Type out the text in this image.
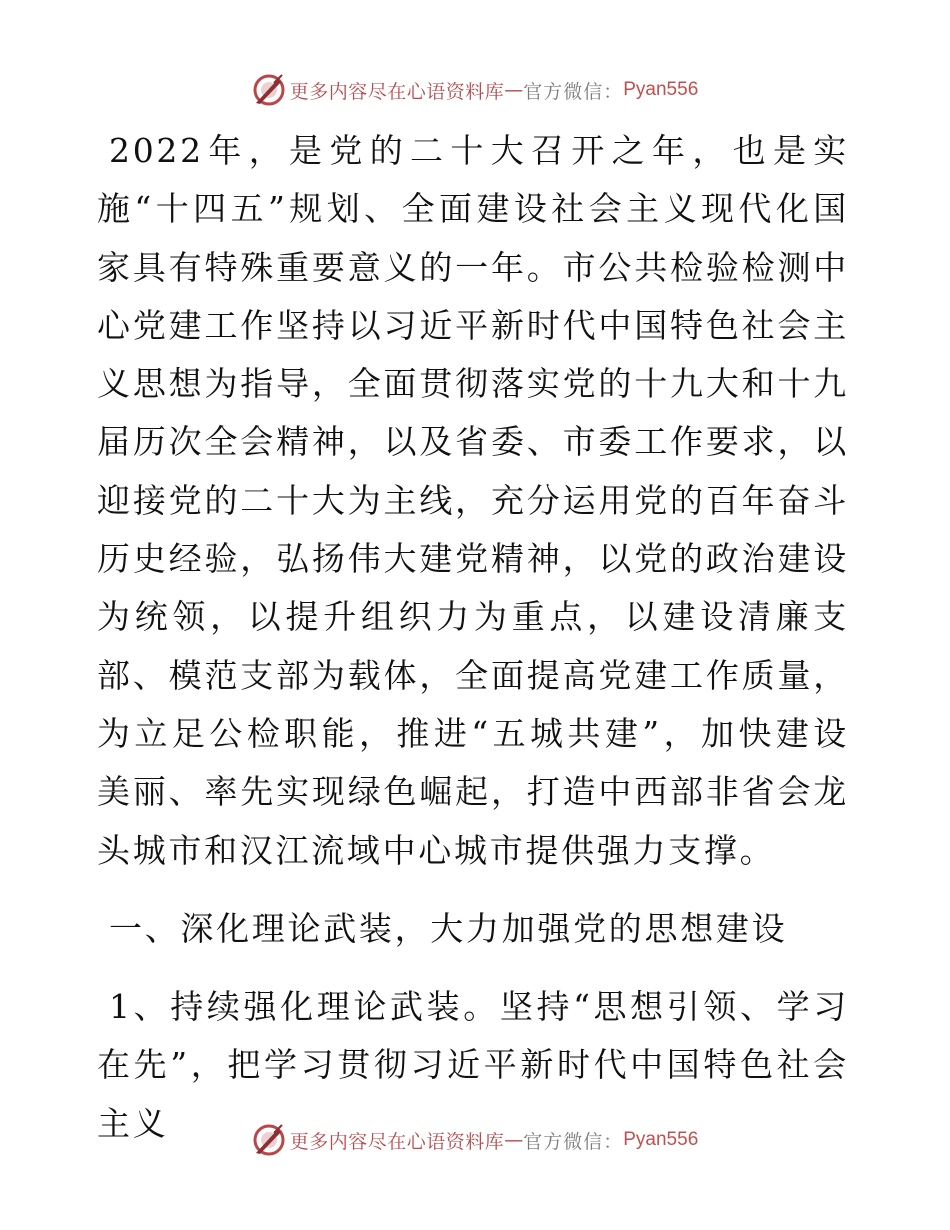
更多内容尽在心语资料库 — 官方微信： Pyan556

2022年，是党的二十大召开之年，也是实施“十四五”规划、全面建设社会主义现代化国家具有特殊重要意义的一年。市公共检验检测中心党建工作坚持以习近平新时代中国特色社会主义思想为指导，全面贯彻落实党的十九大和十九届历次全会精神，以及省委、市委工作要求，以迎接党的二十大为主线，充分运用党的百年奋斗历史经验，弘扬伟大建党精神，以党的政治建设为统领，以提升组织力为重点，以建设清廉支部、模范支部为载体，全面提高党建工作质量，为立足公检职能，推进“五城共建”，加快建设美丽、率先实现绿色崛起，打造中西部非省会龙头城市和汉江流域中心城市提供强力支撑。

一、深化理论武装，大力加强党的思想建设

1、持续强化理论武装。坚持“思想引领、学习在先”，把学习贯彻习近平新时代中国特色社会主义	更多内容尽在心语资料库 — 官方微信： Pyan556
